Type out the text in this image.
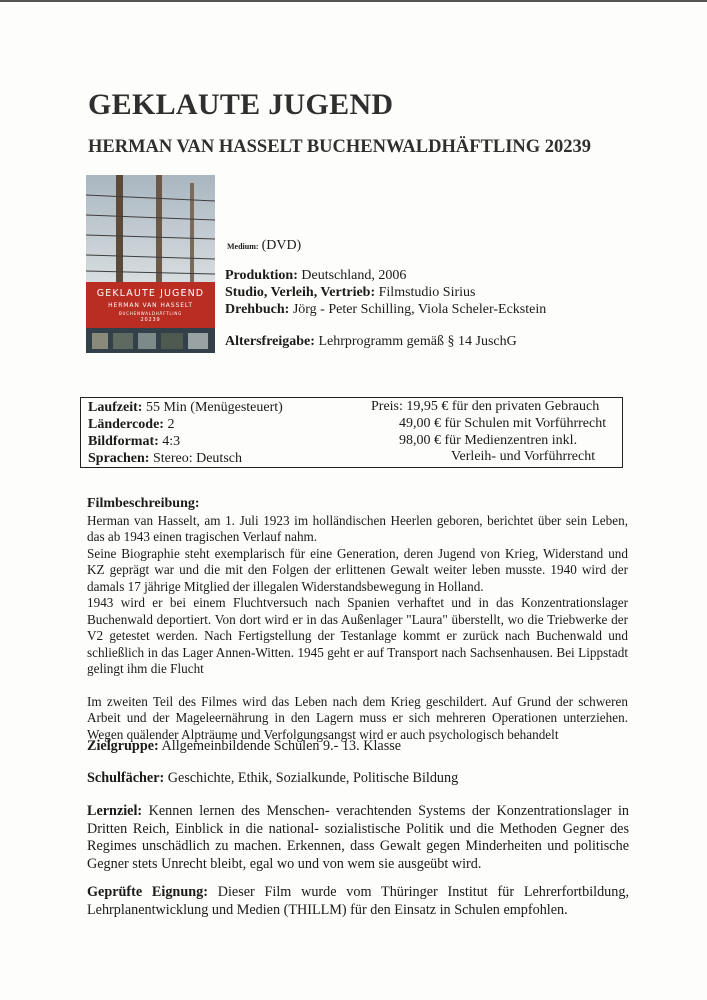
GEKLAUTE JUGEND
HERMAN VAN HASSELT BUCHENWALDHÄFTLING 20239
GEKLAUTE JUGEND
HERMAN VAN HASSELT
BUCHENWALDHÄFTLING
20239
Medium: (DVD)
Produktion: Deutschland, 2006
Studio, Verleih, Vertrieb: Filmstudio Sirius
Drehbuch: Jörg - Peter Schilling, Viola Scheler-Eckstein
Altersfreigabe: Lehrprogramm gemäß § 14 JuschG
Laufzeit: 55 Min (Menügesteuert)
Ländercode: 2
Bildformat: 4:3
Sprachen: Stereo: Deutsch
Preis: 19,95 € für den privaten Gebrauch
49,00 € für Schulen mit Vorführrecht
98,00 € für Medienzentren inkl.
Verleih- und Vorführrecht
Filmbeschreibung:
Herman van Hasselt, am 1. Juli 1923 im holländischen Heerlen geboren, berichtet über sein Leben, das ab 1943 einen tragischen Verlauf nahm.
Seine Biographie steht exemplarisch für eine Generation, deren Jugend von Krieg, Widerstand und KZ geprägt war und die mit den Folgen der erlittenen Gewalt weiter leben musste. 1940 wird der damals 17 jährige Mitglied der illegalen Widerstandsbewegung in Holland.
1943 wird er bei einem Fluchtversuch nach Spanien verhaftet und in das Konzentrationslager Buchenwald deportiert. Von dort wird er in das Außenlager "Laura" überstellt, wo die Triebwerke der V2 getestet werden. Nach Fertigstellung der Testanlage kommt er zurück nach Buchenwald und schließlich in das Lager Annen-Witten. 1945 geht er auf Transport nach Sachsenhausen. Bei Lippstadt gelingt ihm die Flucht
Im zweiten Teil des Filmes wird das Leben nach dem Krieg geschildert. Auf Grund der schweren Arbeit und der Mageleernährung in den Lagern muss er sich mehreren Operationen unterziehen. Wegen quälender Alpträume und Verfolgungsangst wird er auch psychologisch behandelt
Zielgruppe: Allgemeinbildende Schulen 9.- 13. Klasse
Schulfächer: Geschichte, Ethik, Sozialkunde, Politische Bildung
Lernziel: Kennen lernen des Menschen- verachtenden Systems der Konzentrationslager in Dritten Reich, Einblick in die national- sozialistische Politik und die Methoden Gegner des Regimes unschädlich zu machen. Erkennen, dass Gewalt gegen Minderheiten und politische Gegner stets Unrecht bleibt, egal wo und von wem sie ausgeübt wird.
Geprüfte Eignung: Dieser Film wurde vom Thüringer Institut für Lehrerfortbildung, Lehrplanentwicklung und Medien (THILLM) für den Einsatz in Schulen empfohlen.
